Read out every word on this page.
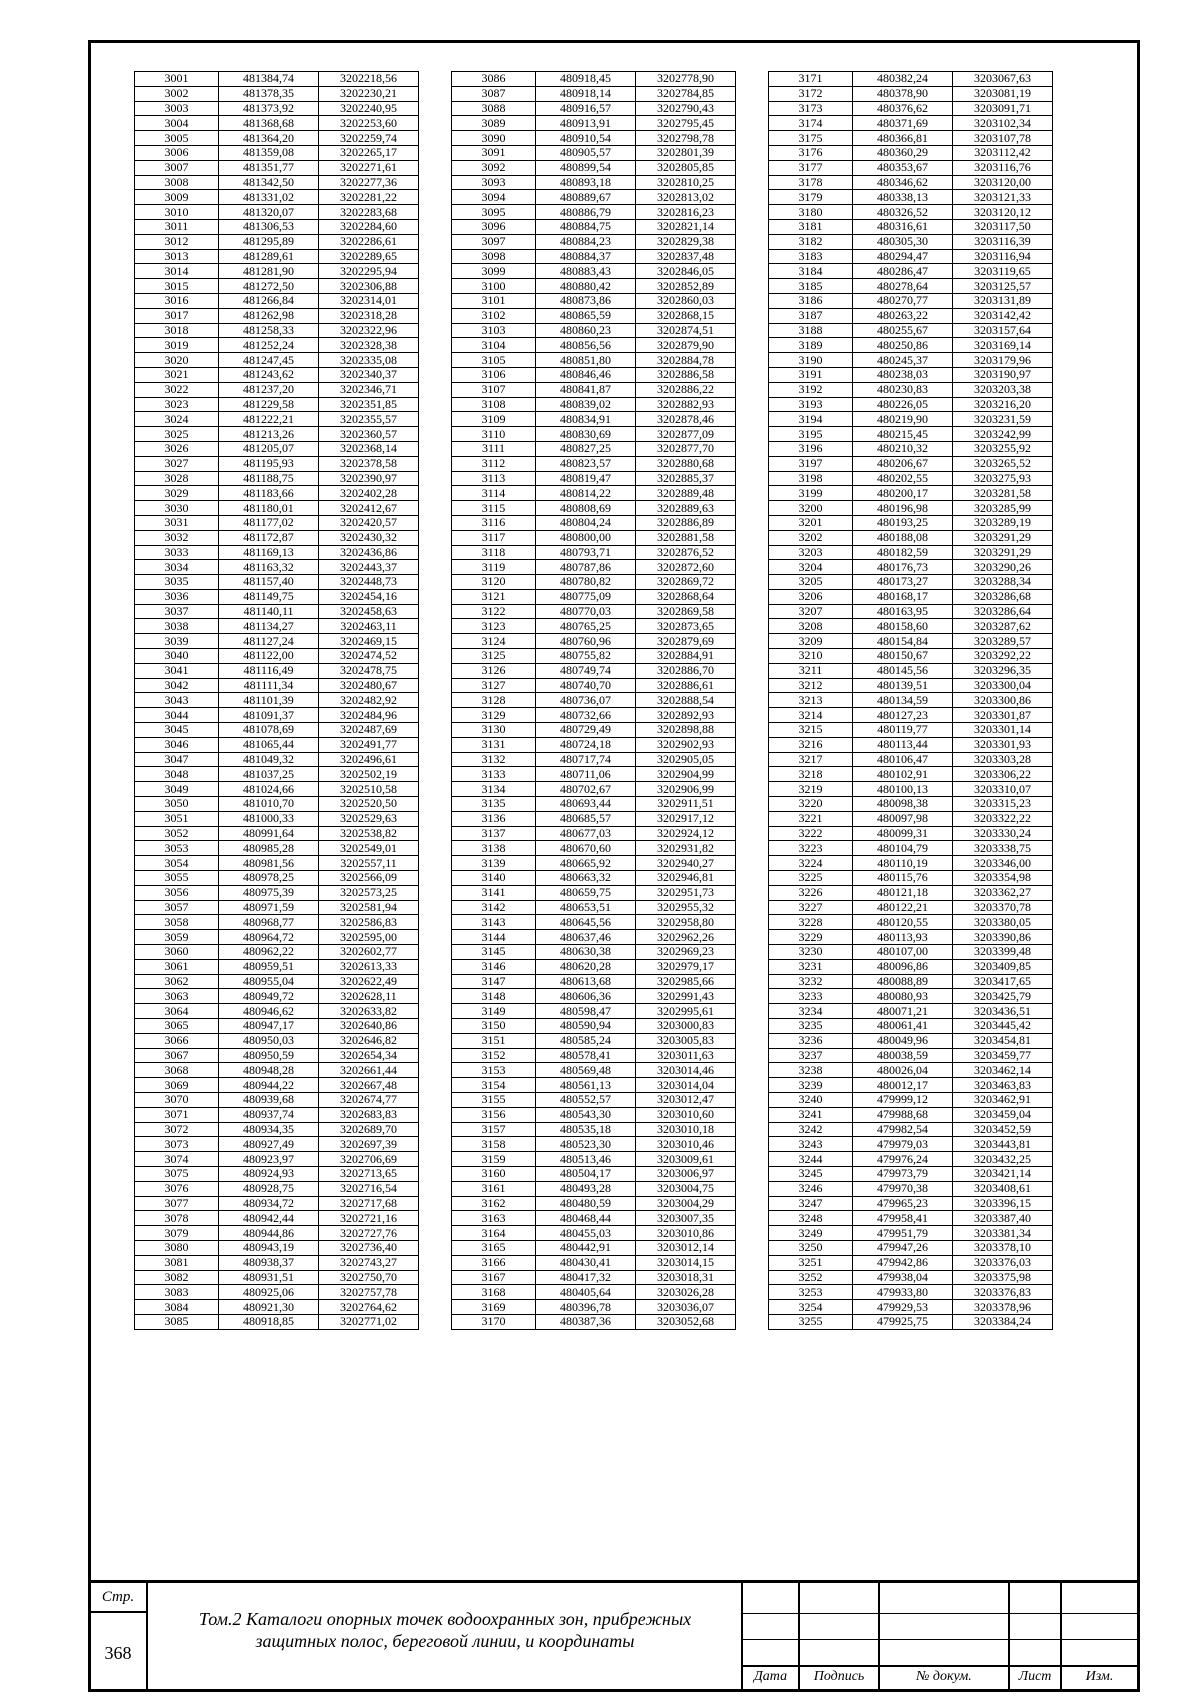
3001	481384,74	3202218,56
3002	481378,35	3202230,21
3003	481373,92	3202240,95
3004	481368,68	3202253,60
3005	481364,20	3202259,74
3006	481359,08	3202265,17
3007	481351,77	3202271,61
3008	481342,50	3202277,36
3009	481331,02	3202281,22
3010	481320,07	3202283,68
3011	481306,53	3202284,60
3012	481295,89	3202286,61
3013	481289,61	3202289,65
3014	481281,90	3202295,94
3015	481272,50	3202306,88
3016	481266,84	3202314,01
3017	481262,98	3202318,28
3018	481258,33	3202322,96
3019	481252,24	3202328,38
3020	481247,45	3202335,08
3021	481243,62	3202340,37
3022	481237,20	3202346,71
3023	481229,58	3202351,85
3024	481222,21	3202355,57
3025	481213,26	3202360,57
3026	481205,07	3202368,14
3027	481195,93	3202378,58
3028	481188,75	3202390,97
3029	481183,66	3202402,28
3030	481180,01	3202412,67
3031	481177,02	3202420,57
3032	481172,87	3202430,32
3033	481169,13	3202436,86
3034	481163,32	3202443,37
3035	481157,40	3202448,73
3036	481149,75	3202454,16
3037	481140,11	3202458,63
3038	481134,27	3202463,11
3039	481127,24	3202469,15
3040	481122,00	3202474,52
3041	481116,49	3202478,75
3042	481111,34	3202480,67
3043	481101,39	3202482,92
3044	481091,37	3202484,96
3045	481078,69	3202487,69
3046	481065,44	3202491,77
3047	481049,32	3202496,61
3048	481037,25	3202502,19
3049	481024,66	3202510,58
3050	481010,70	3202520,50
3051	481000,33	3202529,63
3052	480991,64	3202538,82
3053	480985,28	3202549,01
3054	480981,56	3202557,11
3055	480978,25	3202566,09
3056	480975,39	3202573,25
3057	480971,59	3202581,94
3058	480968,77	3202586,83
3059	480964,72	3202595,00
3060	480962,22	3202602,77
3061	480959,51	3202613,33
3062	480955,04	3202622,49
3063	480949,72	3202628,11
3064	480946,62	3202633,82
3065	480947,17	3202640,86
3066	480950,03	3202646,82
3067	480950,59	3202654,34
3068	480948,28	3202661,44
3069	480944,22	3202667,48
3070	480939,68	3202674,77
3071	480937,74	3202683,83
3072	480934,35	3202689,70
3073	480927,49	3202697,39
3074	480923,97	3202706,69
3075	480924,93	3202713,65
3076	480928,75	3202716,54
3077	480934,72	3202717,68
3078	480942,44	3202721,16
3079	480944,86	3202727,76
3080	480943,19	3202736,40
3081	480938,37	3202743,27
3082	480931,51	3202750,70
3083	480925,06	3202757,78
3084	480921,30	3202764,62
3085	480918,85	3202771,02
3086	480918,45	3202778,90
3087	480918,14	3202784,85
3088	480916,57	3202790,43
3089	480913,91	3202795,45
3090	480910,54	3202798,78
3091	480905,57	3202801,39
3092	480899,54	3202805,85
3093	480893,18	3202810,25
3094	480889,67	3202813,02
3095	480886,79	3202816,23
3096	480884,75	3202821,14
3097	480884,23	3202829,38
3098	480884,37	3202837,48
3099	480883,43	3202846,05
3100	480880,42	3202852,89
3101	480873,86	3202860,03
3102	480865,59	3202868,15
3103	480860,23	3202874,51
3104	480856,56	3202879,90
3105	480851,80	3202884,78
3106	480846,46	3202886,58
3107	480841,87	3202886,22
3108	480839,02	3202882,93
3109	480834,91	3202878,46
3110	480830,69	3202877,09
3111	480827,25	3202877,70
3112	480823,57	3202880,68
3113	480819,47	3202885,37
3114	480814,22	3202889,48
3115	480808,69	3202889,63
3116	480804,24	3202886,89
3117	480800,00	3202881,58
3118	480793,71	3202876,52
3119	480787,86	3202872,60
3120	480780,82	3202869,72
3121	480775,09	3202868,64
3122	480770,03	3202869,58
3123	480765,25	3202873,65
3124	480760,96	3202879,69
3125	480755,82	3202884,91
3126	480749,74	3202886,70
3127	480740,70	3202886,61
3128	480736,07	3202888,54
3129	480732,66	3202892,93
3130	480729,49	3202898,88
3131	480724,18	3202902,93
3132	480717,74	3202905,05
3133	480711,06	3202904,99
3134	480702,67	3202906,99
3135	480693,44	3202911,51
3136	480685,57	3202917,12
3137	480677,03	3202924,12
3138	480670,60	3202931,82
3139	480665,92	3202940,27
3140	480663,32	3202946,81
3141	480659,75	3202951,73
3142	480653,51	3202955,32
3143	480645,56	3202958,80
3144	480637,46	3202962,26
3145	480630,38	3202969,23
3146	480620,28	3202979,17
3147	480613,68	3202985,66
3148	480606,36	3202991,43
3149	480598,47	3202995,61
3150	480590,94	3203000,83
3151	480585,24	3203005,83
3152	480578,41	3203011,63
3153	480569,48	3203014,46
3154	480561,13	3203014,04
3155	480552,57	3203012,47
3156	480543,30	3203010,60
3157	480535,18	3203010,18
3158	480523,30	3203010,46
3159	480513,46	3203009,61
3160	480504,17	3203006,97
3161	480493,28	3203004,75
3162	480480,59	3203004,29
3163	480468,44	3203007,35
3164	480455,03	3203010,86
3165	480442,91	3203012,14
3166	480430,41	3203014,15
3167	480417,32	3203018,31
3168	480405,64	3203026,28
3169	480396,78	3203036,07
3170	480387,36	3203052,68
3171	480382,24	3203067,63
3172	480378,90	3203081,19
3173	480376,62	3203091,71
3174	480371,69	3203102,34
3175	480366,81	3203107,78
3176	480360,29	3203112,42
3177	480353,67	3203116,76
3178	480346,62	3203120,00
3179	480338,13	3203121,33
3180	480326,52	3203120,12
3181	480316,61	3203117,50
3182	480305,30	3203116,39
3183	480294,47	3203116,94
3184	480286,47	3203119,65
3185	480278,64	3203125,57
3186	480270,77	3203131,89
3187	480263,22	3203142,42
3188	480255,67	3203157,64
3189	480250,86	3203169,14
3190	480245,37	3203179,96
3191	480238,03	3203190,97
3192	480230,83	3203203,38
3193	480226,05	3203216,20
3194	480219,90	3203231,59
3195	480215,45	3203242,99
3196	480210,32	3203255,92
3197	480206,67	3203265,52
3198	480202,55	3203275,93
3199	480200,17	3203281,58
3200	480196,98	3203285,99
3201	480193,25	3203289,19
3202	480188,08	3203291,29
3203	480182,59	3203291,29
3204	480176,73	3203290,26
3205	480173,27	3203288,34
3206	480168,17	3203286,68
3207	480163,95	3203286,64
3208	480158,60	3203287,62
3209	480154,84	3203289,57
3210	480150,67	3203292,22
3211	480145,56	3203296,35
3212	480139,51	3203300,04
3213	480134,59	3203300,86
3214	480127,23	3203301,87
3215	480119,77	3203301,14
3216	480113,44	3203301,93
3217	480106,47	3203303,28
3218	480102,91	3203306,22
3219	480100,13	3203310,07
3220	480098,38	3203315,23
3221	480097,98	3203322,22
3222	480099,31	3203330,24
3223	480104,79	3203338,75
3224	480110,19	3203346,00
3225	480115,76	3203354,98
3226	480121,18	3203362,27
3227	480122,21	3203370,78
3228	480120,55	3203380,05
3229	480113,93	3203390,86
3230	480107,00	3203399,48
3231	480096,86	3203409,85
3232	480088,89	3203417,65
3233	480080,93	3203425,79
3234	480071,21	3203436,51
3235	480061,41	3203445,42
3236	480049,96	3203454,81
3237	480038,59	3203459,77
3238	480026,04	3203462,14
3239	480012,17	3203463,83
3240	479999,12	3203462,91
3241	479988,68	3203459,04
3242	479982,54	3203452,59
3243	479979,03	3203443,81
3244	479976,24	3203432,25
3245	479973,79	3203421,14
3246	479970,38	3203408,61
3247	479965,23	3203396,15
3248	479958,41	3203387,40
3249	479951,79	3203381,34
3250	479947,26	3203378,10
3251	479942,86	3203376,03
3252	479938,04	3203375,98
3253	479933,80	3203376,83
3254	479929,53	3203378,96
3255	479925,75	3203384,24
Стр.
368
Том.2 Каталоги опорных точек водоохранных зон, прибрежных
защитных полос, береговой линии, и координаты
Дата	Подпись	№ докум.	Лист	Изм.
